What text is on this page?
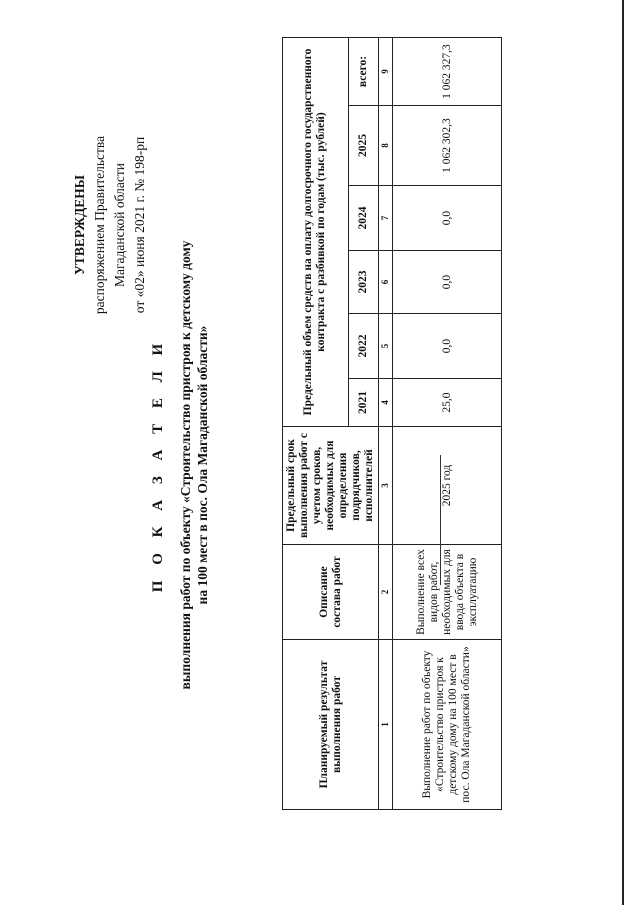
УТВЕРЖДЕНЫ распоряжением Правительства Магаданской области от «02» июня 2021 г. № 198-рп
П О К А З А Т Е Л И выполнения работ по объекту «Строительство пристроя к детскому дому на 100 мест в пос. Ола Магаданской области»
Планируемый результат выполнения работ	Описание состава работ	Предельный срок выполнения работ с учетом сроков, необходимых для определения подрядчиков, исполнителей	Предельный объем средств на оплату долгосрочного государственного контракта с разбивкой по годам (тыс. рублей)					
			2021	2022	2023	2024	2025	всего:
1	2	3	4	5	6	7	8	9
Выполнение работ по объекту «Строительство пристроя к детскому дому на 100 мест в пос. Ола Магаданской области»	Выполнение всех видов работ, необходимых для ввода объекта в эксплуатацию	2025 год	25,0	0,0	0,0	0,0	1 062 302,3	1 062 327,3
